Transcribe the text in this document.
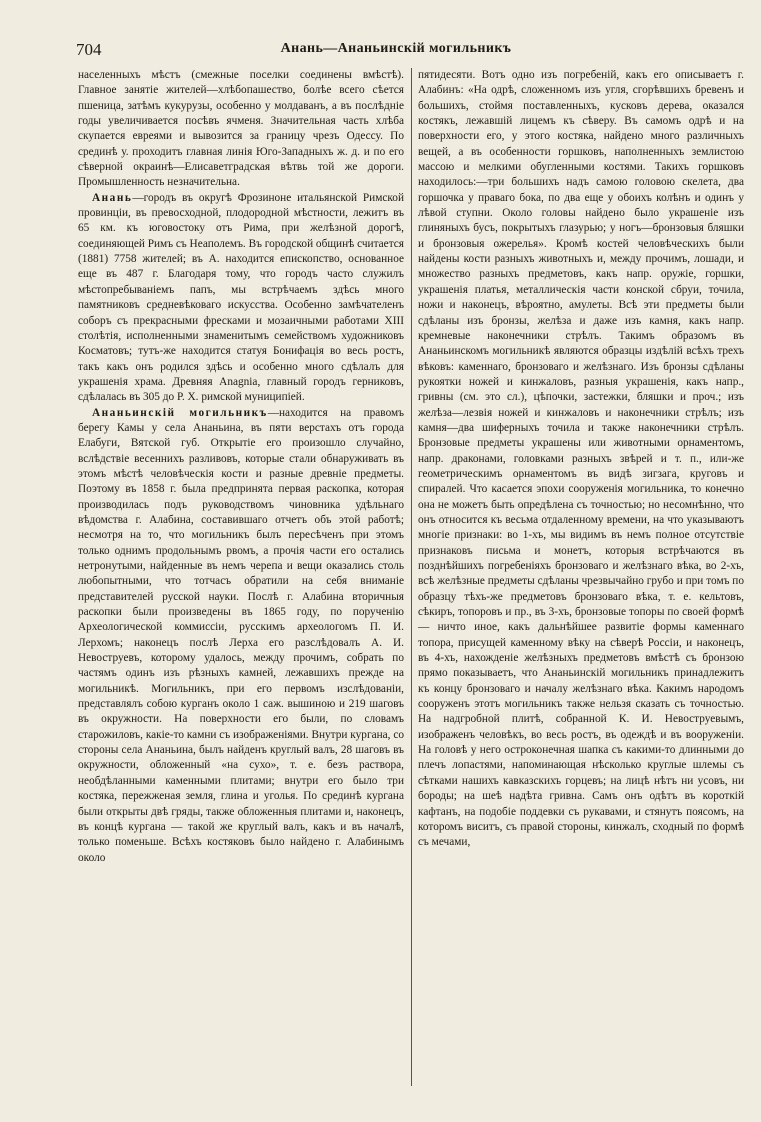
704	Анань—Ананьинскій могильникъ

населенныхъ мѣстъ (смежные поселки соединены вмѣстѣ). Главное занятіе жителей—хлѣбопашество, болѣе всего сѣется пшеница, затѣмъ кукурузы, особенно у молдаванъ, а въ послѣдніе годы увеличивается посѣвъ ячменя. Значительная часть хлѣба скупается евреями и вывозится за границу чрезъ Одессу. По срединѣ у. проходитъ главная линія Юго-Западныхъ ж. д. и по его сѣверной окраинѣ—Елисаветградская вѣтвь той же дороги. Промышленность незначительна.

Анань—городъ въ округѣ Фрозиноне итальянской Римской провинціи, въ превосходной, плодородной мѣстности, лежитъ въ 65 км. къ юговостоку отъ Рима, при желѣзной дорогѣ, соединяющей Римъ съ Неаполемъ. Въ городской общинѣ считается (1881) 7758 жителей; въ А. находится епископство, основанное еще въ 487 г. Благодаря тому, что городъ часто служилъ мѣстопребываніемъ папъ, мы встрѣчаемъ здѣсь много памятниковъ средневѣковаго искусства. Особенно замѣчателенъ соборъ съ прекрасными фресками и мозаичными работами XIII столѣтія, исполненными знаменитымъ семействомъ художниковъ Косматовъ; тутъ-же находится статуя Бонифація во весь ростъ, такъ какъ онъ родился здѣсь и особенно много сдѣлалъ для украшенія храма. Древняя Anagnia, главный городъ герниковъ, сдѣлалась въ 305 до Р. Х. римской муниципіей.

Ананьинскій могильникъ—находится на правомъ берегу Камы у села Ананьина, въ пяти верстахъ отъ города Елабуги, Вятской губ. Открытіе его произошло случайно, вслѣдствіе весеннихъ разливовъ, которые стали обнаруживать въ этомъ мѣстѣ человѣческія кости и разные древніе предметы. Поэтому въ 1858 г. была предпринята первая раскопка, которая производилась подъ руководствомъ чиновника удѣльнаго вѣдомства г. Алабина, составившаго отчетъ объ этой работѣ; несмотря на то, что могильникъ былъ пересѣченъ при этомъ только однимъ продольнымъ рвомъ, а прочія части его остались нетронутыми, найденные въ немъ черепа и вещи оказались столь любопытными, что тотчасъ обратили на себя вниманіе представителей русской науки. Послѣ г. Алабина вторичныя раскопки были произведены въ 1865 году, по порученію Археологической коммиссіи, русскимъ археологомъ П. И. Лерхомъ; наконецъ послѣ Лерха его разслѣдовалъ А. И. Невоструевъ, которому удалось, между прочимъ, собрать по частямъ одинъ изъ рѣзныхъ камней, лежавшихъ прежде на могильникѣ. Могильникъ, при его первомъ изслѣдованіи, представлялъ собою курганъ около 1 саж. вышиною и 219 шаговъ въ окружности. На поверхности его были, по словамъ старожиловъ, какіе-то камни съ изображеніями. Внутри кургана, со стороны села Ананьина, былъ найденъ круглый валъ, 28 шаговъ въ окружности, обложенный «на сухо», т. е. безъ раствора, необдѣланными каменными плитами; внутри его было три костяка, пережженая земля, глина и уголья. По срединѣ кургана были открыты двѣ гряды, также обложенныя плитами и, наконецъ, въ концѣ кургана — такой же круглый валъ, какъ и въ началѣ, только поменьше. Всѣхъ костяковъ было найдено г. Алабинымъ около

пятидесяти. Вотъ одно изъ погребеній, какъ его описываетъ г. Алабинъ: «На одрѣ, сложенномъ изъ угля, сгорѣвшихъ бревенъ и большихъ, стоймя поставленныхъ, кусковъ дерева, оказался костякъ, лежавшій лицемъ къ сѣверу. Въ самомъ одрѣ и на поверхности его, у этого костяка, найдено много различныхъ вещей, а въ особенности горшковъ, наполненныхъ землистою массою и мелкими обугленными костями. Такихъ горшковъ находилось:—три большихъ надъ самою головою скелета, два горшочка у праваго бока, по два еще у обоихъ колѣнъ и одинъ у лѣвой ступни. Около головы найдено было украшеніе изъ глиняныхъ бусъ, покрытыхъ глазурью; у ногъ—бронзовыя бляшки и бронзовыя ожерелья». Кромѣ костей человѣческихъ были найдены кости разныхъ животныхъ и, между прочимъ, лошади, и множество разныхъ предметовъ, какъ напр. оружіе, горшки, украшенія платья, металлическія части конской сбруи, точила, ножи и наконецъ, вѣроятно, амулеты. Всѣ эти предметы были сдѣланы изъ бронзы, желѣза и даже изъ камня, какъ напр. кремневые наконечники стрѣлъ. Такимъ образомъ въ Ананьинскомъ могильникѣ являются образцы издѣлій всѣхъ трехъ вѣковъ: каменнаго, бронзоваго и желѣзнаго. Изъ бронзы сдѣланы рукоятки ножей и кинжаловъ, разныя украшенія, какъ напр., гривны (см. это сл.), цѣпочки, застежки, бляшки и проч.; изъ желѣза—лезвія ножей и кинжаловъ и наконечники стрѣлъ; изъ камня—два шиферныхъ точила и также наконечники стрѣлъ. Бронзовые предметы украшены или животными орнаментомъ, напр. драконами, головками разныхъ звѣрей и т. п., или-же геометрическимъ орнаментомъ въ видѣ зигзага, круговъ и спиралей. Что касается эпохи сооруженія могильника, то конечно она не можетъ быть опредѣлена съ точностью; но несомнѣнно, что онъ относится къ весьма отдаленному времени, на что указываютъ многіе признаки: во 1-хъ, мы видимъ въ немъ полное отсутствіе признаковъ письма и монетъ, которыя встрѣчаются въ позднѣйшихъ погребеніяхъ бронзоваго и желѣзнаго вѣка, во 2-хъ, всѣ желѣзные предметы сдѣланы чрезвычайно грубо и при томъ по образцу тѣхъ-же предметовъ бронзоваго вѣка, т. е. кельтовъ, сѣкиръ, топоровъ и пр., въ 3-хъ, бронзовые топоры по своей формѣ — ничто иное, какъ дальнѣйшее развитіе формы каменнаго топора, присущей каменному вѣку на сѣверѣ Россіи, и наконецъ, въ 4-хъ, нахожденіе желѣзныхъ предметовъ вмѣстѣ съ бронзою прямо показываетъ, что Ананьинскій могильникъ принадлежитъ къ концу бронзоваго и началу желѣзнаго вѣка. Какимъ народомъ сооруженъ этотъ могильникъ также нельзя сказать съ точностью. На надгробной плитѣ, собранной К. И. Невоструевымъ, изображенъ человѣкъ, во весь ростъ, въ одеждѣ и въ вооруженіи. На головѣ у него остроконечная шапка съ какими-то длинными до плечъ лопастями, напоминающая нѣсколько круглые шлемы съ сѣтками нашихъ кавказскихъ горцевъ; на лицѣ нѣтъ ни усовъ, ни бороды; на шеѣ надѣта гривна. Самъ онъ одѣтъ въ короткій кафтанъ, на подобіе поддевки съ рукавами, и стянутъ поясомъ, на которомъ виситъ, съ правой стороны, кинжалъ, сходный по формѣ съ мечами,
